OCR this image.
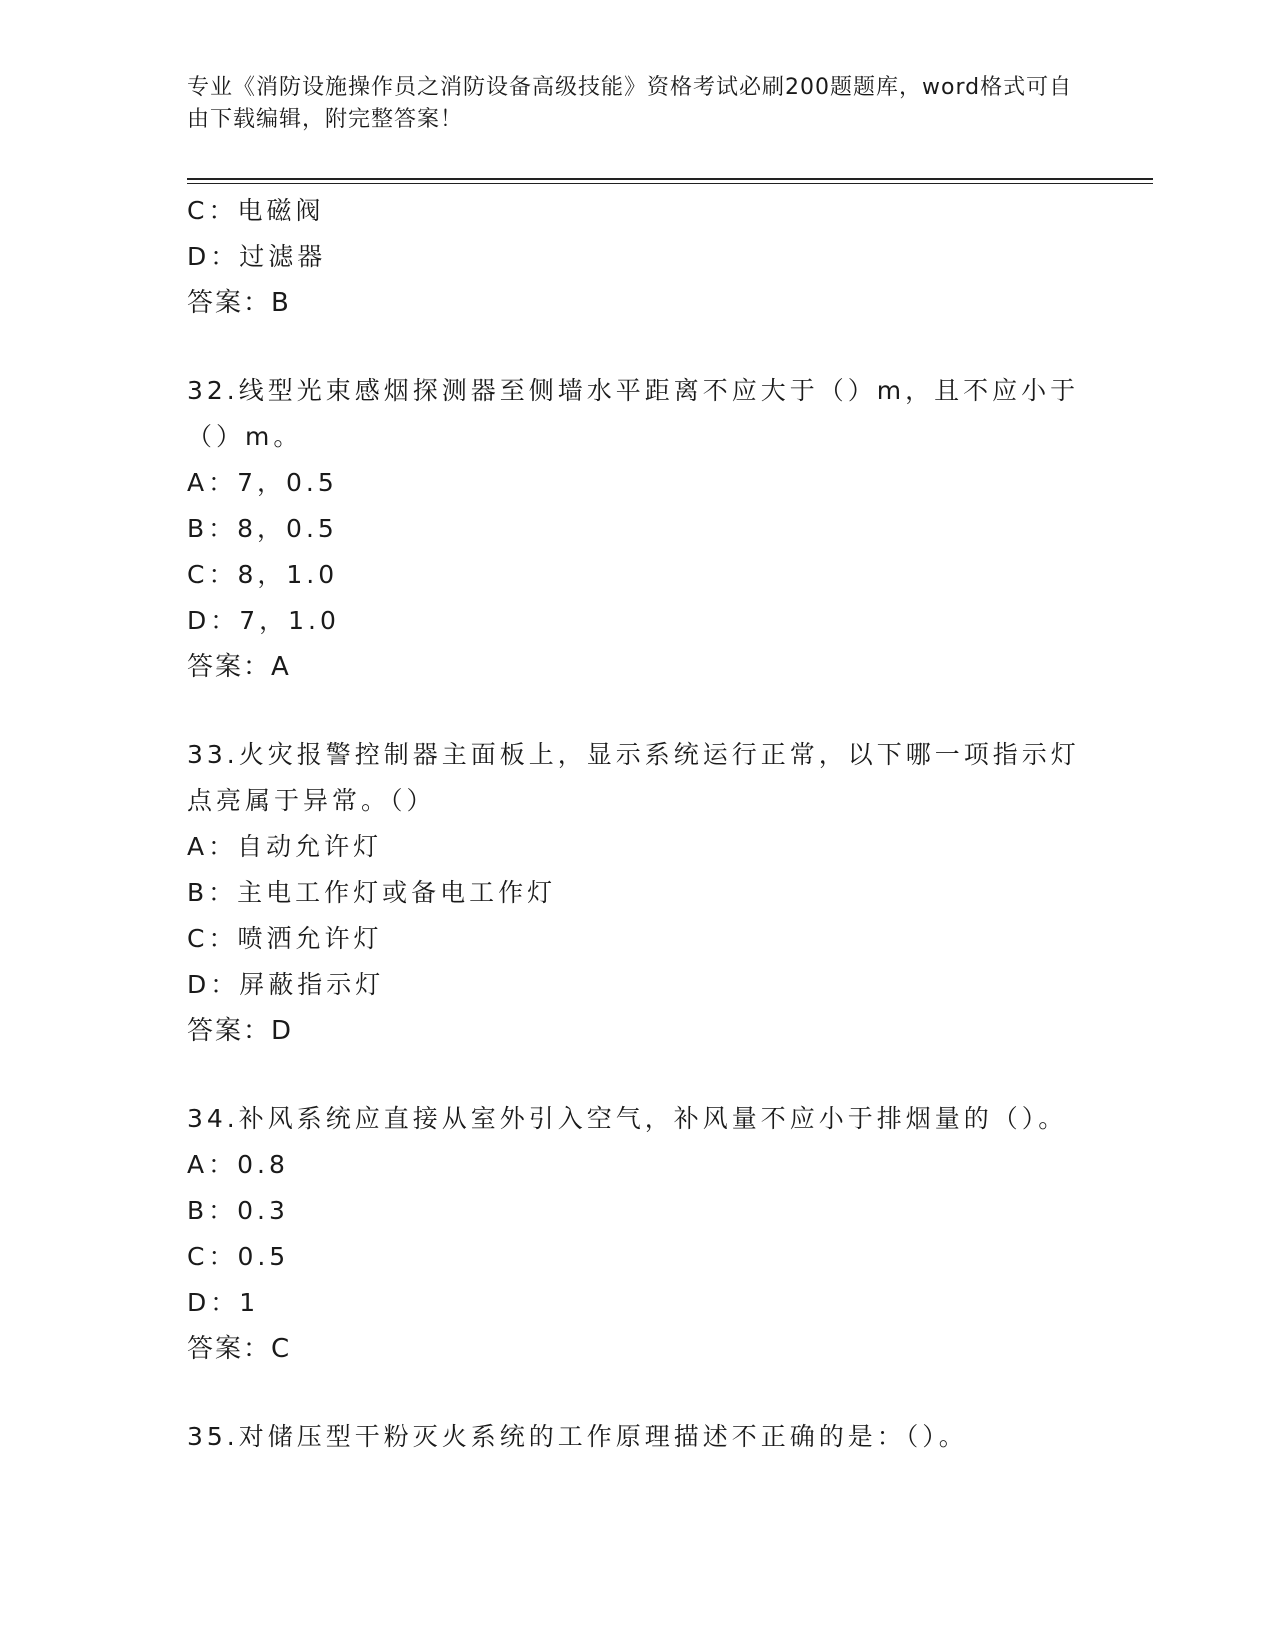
专业《消防设施操作员之消防设备高级技能》资格考试必刷200题题库，word格式可自由下载编辑，附完整答案！
C：电磁阀
D：过滤器
答案：B
32.线型光束感烟探测器至侧墙水平距离不应大于（）m，且不应小于（）m。
A：7，0.5
B：8，0.5
C：8，1.0
D：7，1.0
答案：A
33.火灾报警控制器主面板上，显示系统运行正常，以下哪一项指示灯点亮属于异常。（）
A：自动允许灯
B：主电工作灯或备电工作灯
C：喷洒允许灯
D：屏蔽指示灯
答案：D
34.补风系统应直接从室外引入空气，补风量不应小于排烟量的（）。
A：0.8
B：0.3
C：0.5
D：1
答案：C
35.对储压型干粉灭火系统的工作原理描述不正确的是：（）。
